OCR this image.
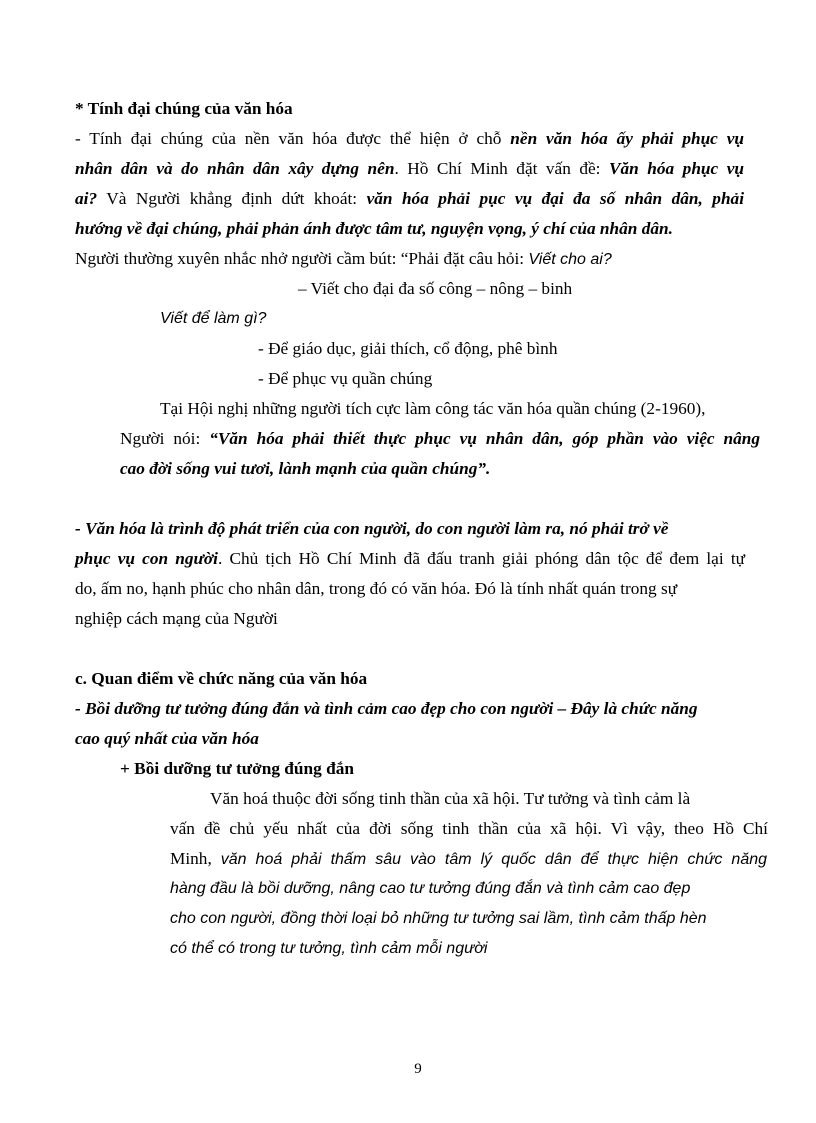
* Tính đại chúng của văn hóa
- Tính đại chúng của nền văn hóa được thể hiện ở chỗ nền văn hóa ấy phải phục vụ
nhân dân và do nhân dân xây dựng nên. Hồ Chí Minh đặt vấn đề: Văn hóa phục vụ
ai? Và Người khẳng định dứt khoát: văn hóa phải pục vụ đại đa số nhân dân, phải
hướng về đại chúng, phải phản ánh được tâm tư, nguyện vọng, ý chí của nhân dân.
Người thường xuyên nhắc nhở người cầm bút: “Phải đặt câu hỏi: Viết cho ai?
– Viết cho đại đa số công – nông – binh
Viết để làm gì?
- Để giáo dục, giải thích, cổ động, phê bình
- Để phục vụ quần chúng
Tại Hội nghị những người tích cực làm công tác văn hóa quần chúng (2-1960),
Người nói: “Văn hóa phải thiết thực phục vụ nhân dân, góp phần vào việc nâng
cao đời sống vui tươi, lành mạnh của quần chúng”.
- Văn hóa là trình độ phát triển của con người, do con người làm ra, nó phải trở về
phục vụ con người. Chủ tịch Hồ Chí Minh đã đấu tranh giải phóng dân tộc để đem lại tự
do, ấm no, hạnh phúc cho nhân dân, trong đó có văn hóa. Đó là tính nhất quán trong sự
nghiệp cách mạng của Người
c. Quan điểm về chức năng của văn hóa
- Bồi dưỡng tư tưởng đúng đắn và tình cảm cao đẹp cho con người – Đây là chức năng
cao quý nhất của văn hóa
+ Bồi dưỡng tư tưởng đúng đắn
Văn hoá thuộc đời sống tinh thần của xã hội. Tư tưởng và tình cảm là
vấn đề chủ yếu nhất của đời sống tinh thần của xã hội. Vì vậy, theo Hồ Chí
Minh, văn hoá phải thấm sâu vào tâm lý quốc dân để thực hiện chức năng
hàng đầu là bồi dưỡng, nâng cao tư tưởng đúng đắn và tình cảm cao đẹp
cho con người, đồng thời loại bỏ những tư tưởng sai lầm, tình cảm thấp hèn
có thể có trong tư tưởng, tình cảm mỗi người
9
